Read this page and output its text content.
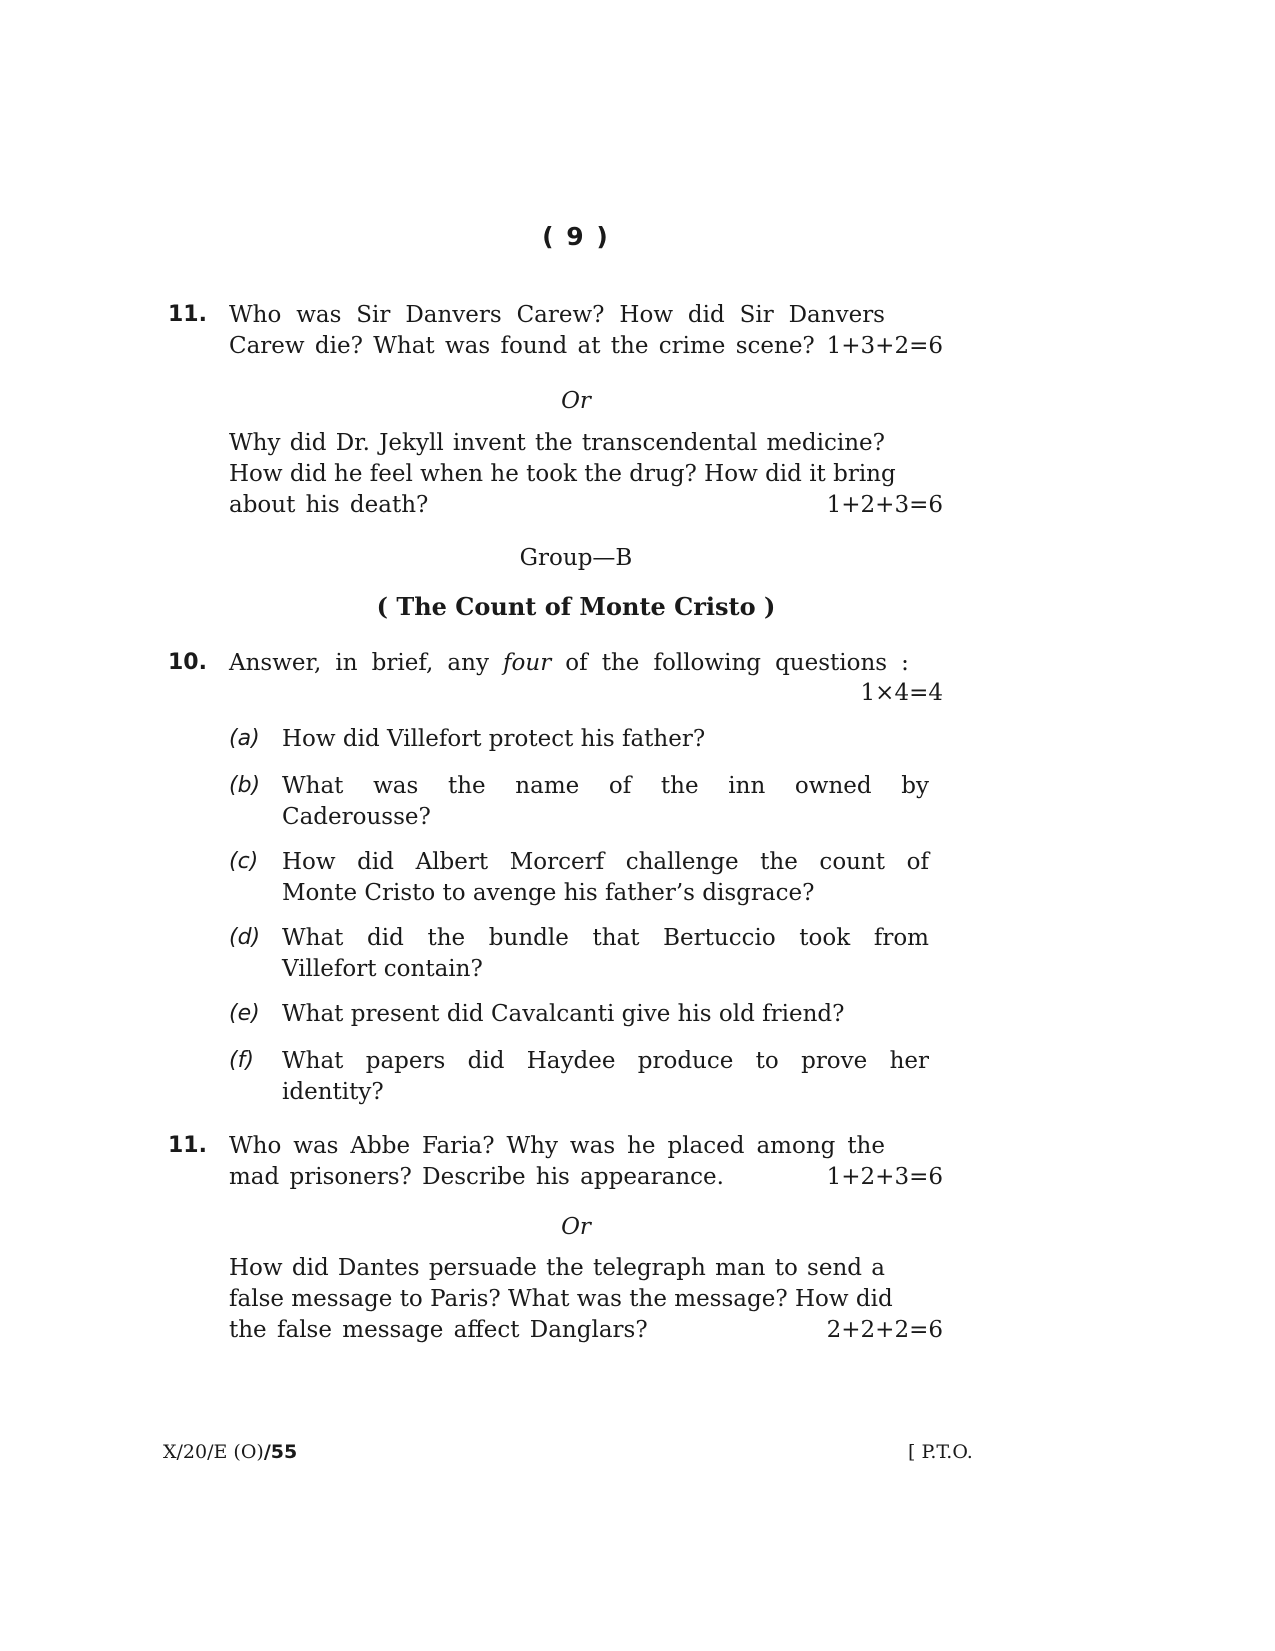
( 9 )
11. Who was Sir Danvers Carew? How did Sir Danvers
Carew die? What was found at the crime scene? 1+3+2=6
Or
Why did Dr. Jekyll invent the transcendental medicine?
How did he feel when he took the drug? How did it bring
about his death?	1+2+3=6
Group—B
( The Count of Monte Cristo )
10. Answer, in brief, any four of the following questions :
1×4=4
(a) How did Villefort protect his father?
(b) What was the name of the inn owned by
Caderousse?
(c) How did Albert Morcerf challenge the count of
Monte Cristo to avenge his father’s disgrace?
(d) What did the bundle that Bertuccio took from
Villefort contain?
(e) What present did Cavalcanti give his old friend?
(f) What papers did Haydee produce to prove her
identity?
11. Who was Abbe Faria? Why was he placed among the
mad prisoners? Describe his appearance.	1+2+3=6
Or
How did Dantes persuade the telegraph man to send a
false message to Paris? What was the message? How did
the false message affect Danglars?	2+2+2=6
X/20/E (O)/55	[ P.T.O.
